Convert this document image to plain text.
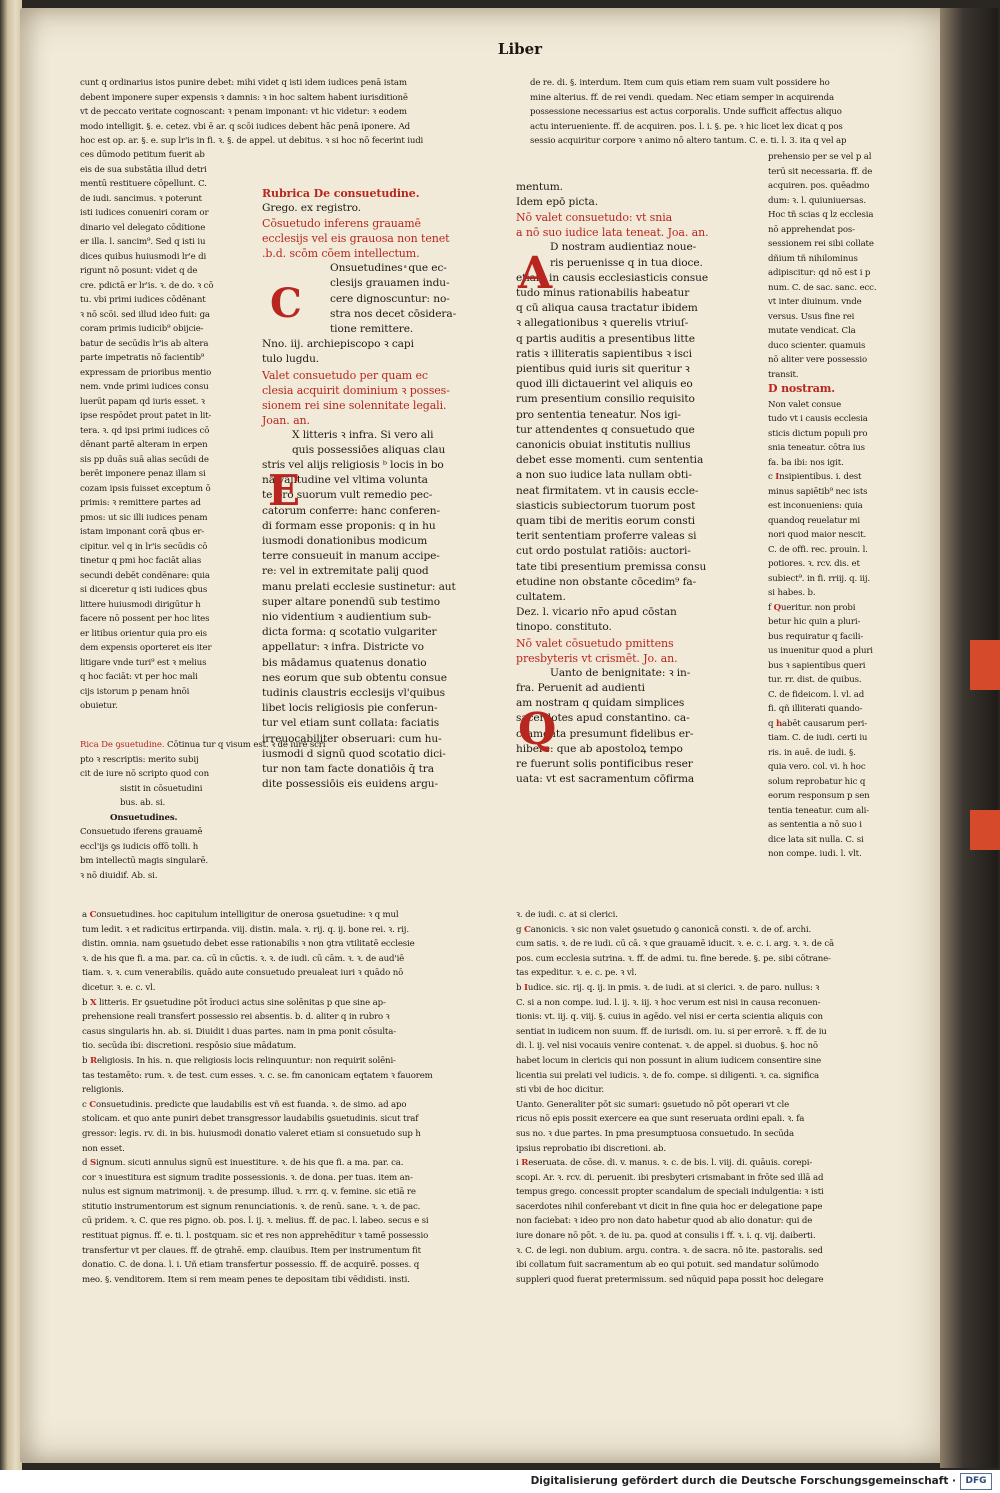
Liber
cunt q ordinarius istos punire debet: mihi videt q isti idem iudices penā istam
debent imponere super expensis ꝛ damnis: ꝛ in hoc saltem habent iurisditionē
vt de peccato veritate cognoscant: ꝛ penam imponant: vt hic videtur: ꝛ eodem
modo intelligit. §. e. cetez. vbi ē ar. q scōi iudices debent hāc penā iponere. Ad
hoc est op. ar. §. e. sup lr'is in fi. ꝛ. §. de appel. ut debitus. ꝛ si hoc nō fecerint iudi
ces dūmodo petitum fuerit ab
eis de sua substātia illud detri
mentū restituere cōpellunt. C.
de iudi. sancimus. ꝛ poterunt
isti iudices conueniri coram or
dinario vel delegato cōditione
er illa. l. sancim⁹. Sed q isti iu
dices quibus huiusmodi lr'e di
rigunt nō posunt: videt q de
cre. pdictā er lr'is. ꝛ. de do. ꝛ cō
tu. vbi primi iudices cōdēnant
ꝛ nō scōi. sed illud ideo fuit: ga
coram primis iudicib⁹ obijcie-
batur de secūdis lr'is ab altera
parte impetratis nō facientib⁹
expressam de prioribus mentio
nem. vnde primi iudices consu
luerūt papam qd iuris esset. ꝛ
ipse respōdet prout patet in lit-
tera. ꝛ. qd ipsi primi iudices cō
dēnant partē alteram in erpen
sis pp duās suā alias secūdi de
berēt imponere penaz illam si
cozam ipsis fuisset exceptum ō
primis: ꝛ remittere partes ad
pmos: ut sic illi iudices penam
istam imponant corā qbus er-
cipitur. vel q in lr'is secūdis cō
tinetur q pmi hoc faciāt alias
secundi debēt condēnare: quia
si diceretur q isti iudices qbus
littere huiusmodi dirigūtur h
facere nō possent per hoc lites
er litibus orientur quia pro eis
dem expensis oporteret eis iter
litigare vnde turi⁹ est ꝛ melius
q hoc faciāt: vt per hoc mali
cijs istorum p penam hnōi
obuietur.
Rica De ꝯsuetudine. Cōtinua tur q visum est. ꝛ de iure scri
pto ꝛ rescriptis: merito subij
cit de iure nō scripto quod con
sistit in cōsuetudini
bus. ab. si.
Onsuetudines.
Consuetudo iferens grauamē
eccl'ijs ꝯs iudicis offō tolli. h
bm intellectū magis singularē.
ꝛ nō diuidif. Ab. si.
Rubrica De consuetudine.
Grego. ex registro.
Cōsuetudo inferens grauamē
ecclesijs vel eis grauosa non tenet
.b.d. scōm cōem intellectum.
Onsuetudines ͣ que ec-
clesijs grauamen indu-
cere dignoscuntur: no-
stra nos decet cōsidera-
tione remittere.
Nno. iij. archiepiscopo ꝛ capi
tulo lugdu.
Valet consuetudo per quam ec
clesia acquirit dominium ꝛ posses-
sionem rei sine solennitate legali.
Joan. an.
X litteris ꝛ infra. Si vero ali
quis possessiōes aliquas clau
stris vel alijs religiosis ᵇ locis in bo
na valitudine vel vltima volunta
te pro suorum vult remedio pec-
catorum conferre: hanc conferen-
di formam esse proponis: q in hu
iusmodi donationibus modicum
terre consueuit in manum accipe-
re: vel in extremitate palij quod
manu prelati ecclesie sustinetur: aut
super altare ponendū sub testimo
nio videntium ꝛ audientium sub-
dicta forma: q scotatio vulgariter
appellatur: ꝛ infra. Districte vo
bis mādamus quatenus donatio
nes eorum que sub obtentu consue
tudinis claustris ecclesijs vl'quibus
libet locis religiosis pie conferun-
tur vel etiam sunt collata: faciatis
irreuocabiliter obseruari: cum hu-
iusmodi d signū quod scotatio dici-
tur non tam facte donatiōis q̄ tra
dite possessiōis eis euidens argu-
C
E
mentum.
Idem epō picta.
Nō valet consuetudo: vt snia
a nō suo iudice lata teneat. Joa. an.
D nostram audientiaz noue-
ris peruenisse q in tua dioce.
etiam in causis ecclesiasticis consue
tudo minus rationabilis habeatur
q cū aliqua causa tractatur ibidem
ꝛ allegationibus ꝛ querelis vtriuſ-
q partis auditis a presentibus litte
ratis ꝛ illiteratis sapientibus ꝛ isci
pientibus quid iuris sit queritur ꝛ
quod illi dictauerint vel aliquis eo
rum presentium consilio requisito
pro sententia teneatur. Nos igi-
tur attendentes q consuetudo que
canonicis obuiat institutis nullius
debet esse momenti. cum sententia
a non suo iudice lata nullam obti-
neat firmitatem. vt in causis eccle-
siasticis subiectorum tuorum post
quam tibi de meritis eorum consti
terit sententiam proferre valeas si
cut ordo postulat ratiōis: auctori-
tate tibi presentium premissa consu
etudine non obstante cōcedim⁹ fa-
cultatem.
Dez. l. vicario nr̄o apud cōstan
tinopo. constituto.
Nō valet cōsuetudo pmittens
presbyteris vt crismēt. Jo. an.
Uanto de benignitate: ꝛ in-
fra. Peruenit ad audienti
am nostram q quidam simplices
sacerdotes apud constantino. ca-
cramenta presumunt fidelibus er-
hibere: que ab apostoloꝝ tempo
re fuerunt solis pontificibus reser
uata: vt est sacramentum cōfirma
A
Q
de re. di. §. interdum. Item cum quis etiam rem suam vult possidere ho
mine alterius. ff. de rei vendi. quedam. Nec etiam semper in acquirenda
possessione necessarius est actus corporalis. Unde sufficit affectus aliquo
actu interueniente. ff. de acquiren. pos. l. i. §. pe. ꝛ hic licet lex dicat q pos
sessio acquiritur corpore ꝛ animo nō altero tantum. C. e. ti. l. 3. ita q vel ap
prehensio per se vel p al
terū sit necessaria. ff. de
acquiren. pos. quēadmo
dum: ꝛ. l. quiuniuersas.
Hoc tñ scias q lz ecclesia
nō apprehendat pos-
sessionem rei sibi collate
dñium tñ nihilominus
adipiscitur: qd nō est i p
num. C. de sac. sanc. ecc.
vt inter diuinum. vnde
versus. Usus fine rei
mutate vendicat. Cla
duco scienter. quamuis
nō aliter vere possessio
transit.
D nostram.
Non valet consue
tudo vt i causis ecclesia
sticis dictum populi pro
snia teneatur. cōtra ius
fa. ba ibi: nos igit.
c Insipientibus. i. dest
minus sapiētib⁹ nec ists
est inconueniens: quia
quandoq reuelatur mi
nori quod maior nescit.
C. de offi. rec. prouin. l.
potiores. ꝛ. rcv. dis. et
subiect⁹. in fi. rriij. q. iij.
si habes. b.
f Queritur. non probi
betur hic quin a pluri-
bus requiratur q facili-
us inuenitur quod a pluri
bus ꝛ sapientibus queri
tur. rr. dist. de quibus.
C. de fideicom. l. vl. ad
fi. qñ illiterati quando-
q habēt causarum peri-
tiam. C. de iudi. certi iu
ris. in auē. de iudi. §.
quia vero. col. vi. h hoc
solum reprobatur hic q
eorum responsum p sen
tentia teneatur. cum ali-
as sententia a nō suo i
dice lata sit nulla. C. si
non compe. iudi. l. vlt.
a Consuetudines. hoc capitulum intelligitur de onerosa ꝯsuetudine: ꝛ q mul
tum ledit. ꝛ et radicitus ertirpanda. viij. distin. mala. ꝛ. rij. q. ij. bone rei. ꝛ. rij.
distin. omnia. nam ꝯsuetudo debet esse rationabilis ꝛ non ꝯtra vtilitatē ecclesie
ꝛ. de his que fi. a ma. par. ca. cū in cūctis. ꝛ. ꝛ. de iudi. cū cām. ꝛ. ꝛ. de aud'iē
tiam. ꝛ. ꝛ. cum venerabilis. quādo aute consuetudo preualeat iuri ꝛ quādo nō
dicetur. ꝛ. e. c. vl.
b X litteris. Er ꝯsuetudine pōt īroduci actus sine solēnitas p que sine ap-
prehensione reali transfert possessio rei absentis. b. d. aliter q in rubro ꝛ
casus singularis hn. ab. si. Diuidit i duas partes. nam in pma ponit cōsulta-
tio. secūda ibi: discretioni. respōsio siue mādatum.
b Religiosis. In his. n. que religiosis locis relinquuntur: non requirit solēni-
tas testamēto: rum. ꝛ. de test. cum esses. ꝛ. c. se. fm canonicam eqtatem ꝛ fauorem
religionis.
c Consuetudinis. predicte que laudabilis est vñ est fuanda. ꝛ. de simo. ad apo
stolicam. et quo ante puniri debet transgressor laudabilis ꝯsuetudinis. sicut traf
gressor: legis. rv. di. in bis. huiusmodi donatio valeret etiam si consuetudo sup h
non esset.
d Signum. sicuti annulus signū est inuestiture. ꝛ. de his que fi. a ma. par. ca.
cor ꝛ inuestitura est signum tradite possessionis. ꝛ. de dona. per tuas. item an-
nulus est signum matrimonij. ꝛ. de presump. illud. ꝛ. rrr. q. v. femine. sic etiā re
stitutio instrumentorum est signum renunciationis. ꝛ. de renū. sane. ꝛ. ꝛ. de pac.
cū pridem. ꝛ. C. que res pigno. ob. pos. l. ij. ꝛ. melius. ff. de pac. l. labeo. secus e si
restituat pignus. ff. e. ti. l. postquam. sic et res non apprehēditur ꝛ tamē possessio
transfertur vt per claues. ff. de ꝯtrahē. emp. clauibus. Item per instrumentum fit
donatio. C. de dona. l. i. Uñ etiam transfertur possessio. ff. de acquirē. posses. q
meo. §. venditorem. Item si rem meam penes te depositam tibi vēdidisti. insti.
ꝛ. de iudi. c. at si clerici.
g Canonicis. ꝛ sic non valet ꝯsuetudo ꝯ canonicā consti. ꝛ. de of. archi.
cum satis. ꝛ. de re iudi. cū cā. ꝛ que grauamē iducit. ꝛ. e. c. i. arg. ꝛ. ꝛ. de cā
pos. cum ecclesia sutrina. ꝛ. ff. de admi. tu. fine berede. §. pe. sibi cōtrane-
tas expeditur. ꝛ. e. c. pe. ꝛ vl.
b Iudice. sic. rij. q. ij. in pmis. ꝛ. de iudi. at si clerici. ꝛ. de paro. nullus: ꝛ
C. si a non compe. iud. l. ij. ꝛ. iij. ꝛ hoc verum est nisi in causa reconuen-
tionis: vt. iij. q. viij. §. cuius in agēdo. vel nisi er certa scientia aliquis con
sentiat in iudicem non suum. ff. de iurisdi. om. iu. si per errorē. ꝛ. ff. de iu
di. l. ij. vel nisi vocauis venire contenat. ꝛ. de appel. si duobus. §. hoc nō
habet locum in clericis qui non possunt in alium iudicem consentire sine
licentia sui prelati vel iudicis. ꝛ. de fo. compe. si diligenti. ꝛ. ca. significa
sti vbi de hoc dicitur.
Uanto. Generaliter pōt sic sumari: ꝯsuetudo nō pōt operari vt cle
ricus nō epis possit exercere ea que sunt reseruata ordini epali. ꝛ. fa
sus no. ꝛ due partes. In pma presumptuosa consuetudo. In secūda
ipsius reprobatio ibi discretioni. ab.
i Reseruata. de cōse. di. v. manus. ꝛ. c. de bis. l. viij. di. quāuis. corepi-
scopi. Ar. ꝛ. rcv. di. peruenit. ibi presbyteri crismabant in frōte sed illā ad
tempus grego. concessit propter scandalum de speciali indulgentia: ꝛ isti
sacerdotes nihil conferebant vt dicit in fine quia hoc er delegatione pape
non faciebat: ꝛ ideo pro non dato habetur quod ab alio donatur: qui de
iure donare nō pōt. ꝛ. de iu. pa. quod at consulis i ff. ꝛ. i. q. vij. daiberti.
ꝛ. C. de legi. non dubium. argu. contra. ꝛ. de sacra. nō ite. pastoralis. sed
ibi collatum fuit sacramentum ab eo qui potuit. sed mandatur solūmodo
suppleri quod fuerat pretermissum. sed nūquid papa possit hoc delegare
Digitalisierung gefördert durch die Deutsche Forschungsgemeinschaft ·	DFG
